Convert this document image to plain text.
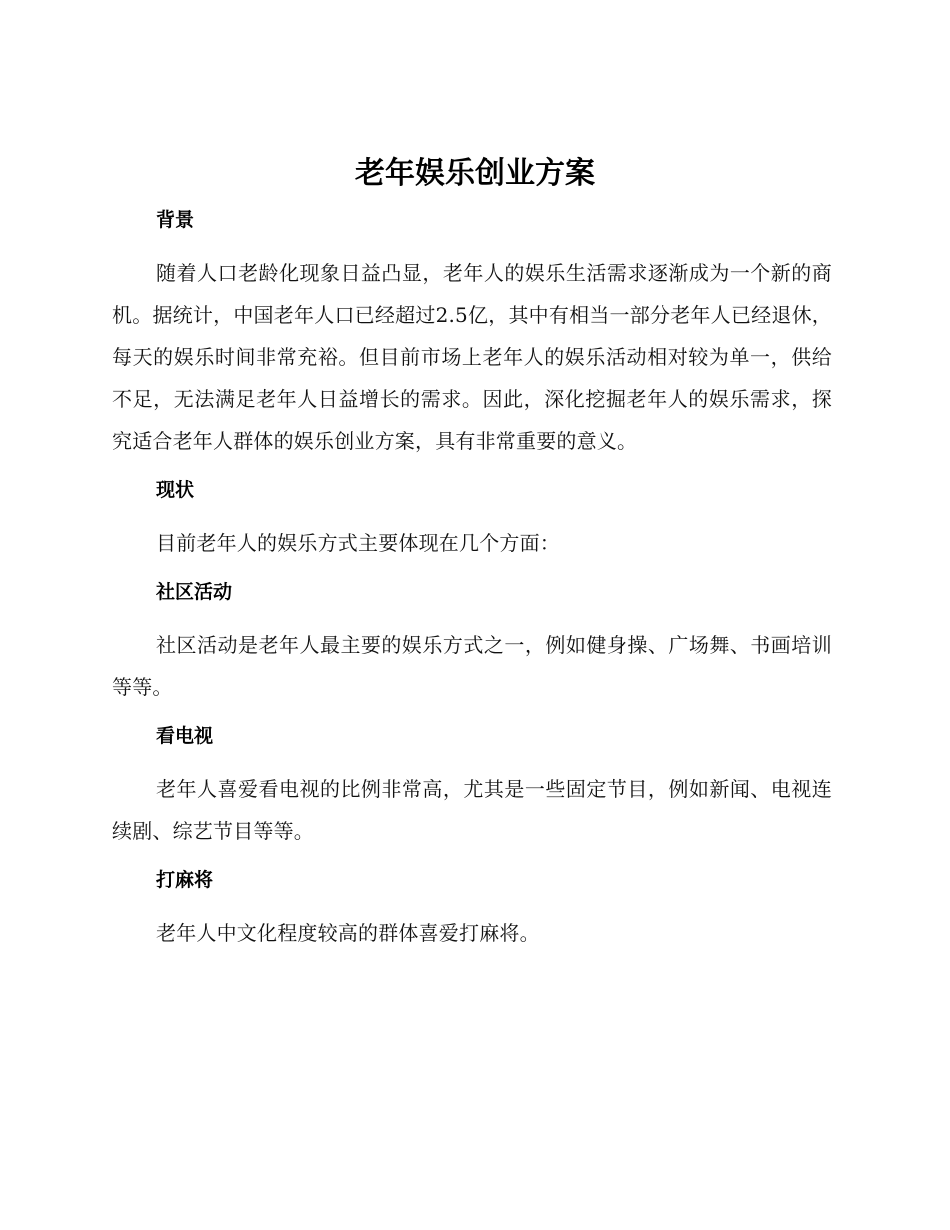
老年娱乐创业方案
背景

随着人口老龄化现象日益凸显，老年人的娱乐生活需求逐渐成为一个新的商机。据统计，中国老年人口已经超过2.5亿，其中有相当一部分老年人已经退休，每天的娱乐时间非常充裕。但目前市场上老年人的娱乐活动相对较为单一，供给不足，无法满足老年人日益增长的需求。因此，深化挖掘老年人的娱乐需求，探究适合老年人群体的娱乐创业方案，具有非常重要的意义。

现状

目前老年人的娱乐方式主要体现在几个方面：

社区活动

社区活动是老年人最主要的娱乐方式之一，例如健身操、广场舞、书画培训等等。

看电视

老年人喜爱看电视的比例非常高，尤其是一些固定节目，例如新闻、电视连续剧、综艺节目等等。

打麻将

老年人中文化程度较高的群体喜爱打麻将。
